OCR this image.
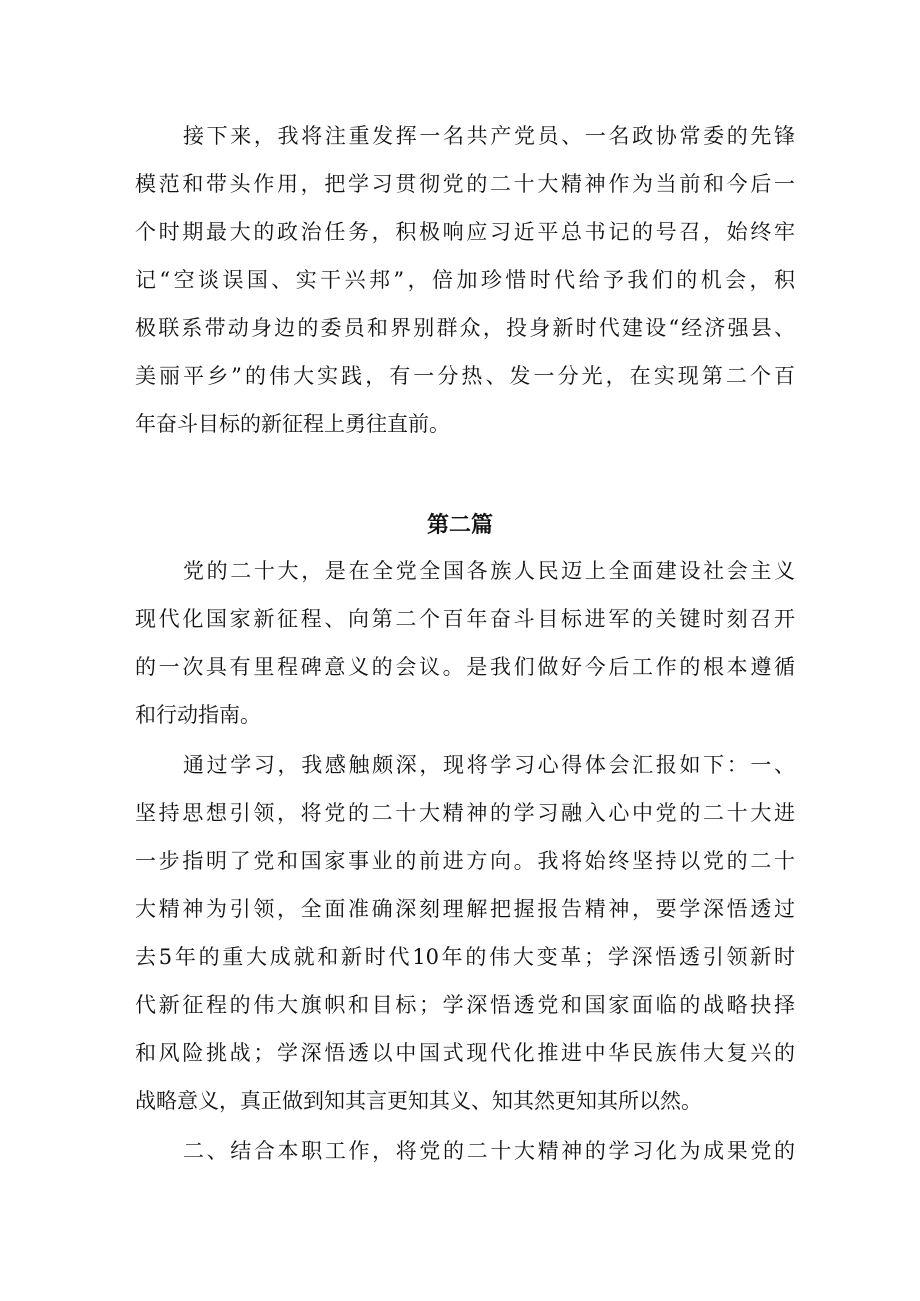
接下来，我将注重发挥一名共产党员、一名政协常委的先锋
模范和带头作用，把学习贯彻党的二十大精神作为当前和今后一
个时期最大的政治任务，积极响应习近平总书记的号召，始终牢
记“空谈误国、实干兴邦”，倍加珍惜时代给予我们的机会，积
极联系带动身边的委员和界别群众，投身新时代建设“经济强县、
美丽平乡”的伟大实践，有一分热、发一分光，在实现第二个百
年奋斗目标的新征程上勇往直前。
第二篇
党的二十大，是在全党全国各族人民迈上全面建设社会主义
现代化国家新征程、向第二个百年奋斗目标进军的关键时刻召开
的一次具有里程碑意义的会议。是我们做好今后工作的根本遵循
和行动指南。
通过学习，我感触颇深，现将学习心得体会汇报如下：一、
坚持思想引领，将党的二十大精神的学习融入心中党的二十大进
一步指明了党和国家事业的前进方向。我将始终坚持以党的二十
大精神为引领，全面准确深刻理解把握报告精神，要学深悟透过
去5年的重大成就和新时代10年的伟大变革；学深悟透引领新时
代新征程的伟大旗帜和目标；学深悟透党和国家面临的战略抉择
和风险挑战；学深悟透以中国式现代化推进中华民族伟大复兴的
战略意义，真正做到知其言更知其义、知其然更知其所以然。
二、结合本职工作，将党的二十大精神的学习化为成果党的
